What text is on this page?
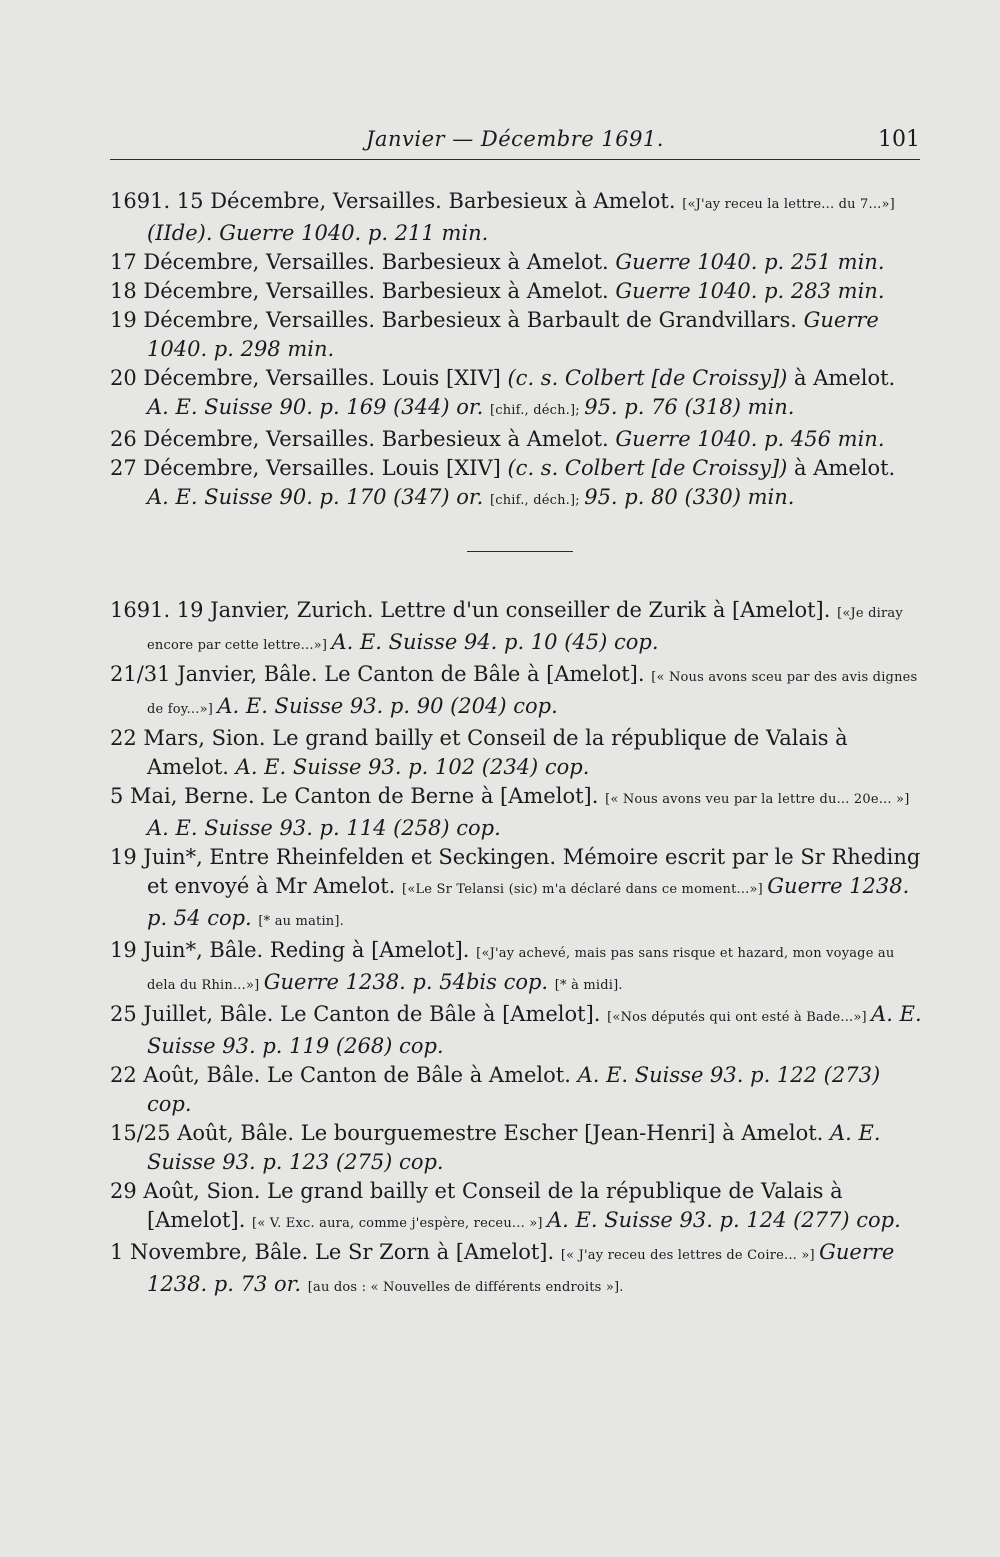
Janvier — Décembre 1691.	101
1691. 15 Décembre, Versailles. Barbesieux à Amelot. [«J'ay receu la lettre... du 7...»] (IIde). Guerre 1040. p. 211 min.
17 Décembre, Versailles. Barbesieux à Amelot. Guerre 1040. p. 251 min.
18 Décembre, Versailles. Barbesieux à Amelot. Guerre 1040. p. 283 min.
19 Décembre, Versailles. Barbesieux à Barbault de Grandvillars. Guerre 1040. p. 298 min.
20 Décembre, Versailles. Louis [XIV] (c. s. Colbert [de Croissy]) à Amelot. A. E. Suisse 90. p. 169 (344) or. [chif., déch.]; 95. p. 76 (318) min.
26 Décembre, Versailles. Barbesieux à Amelot. Guerre 1040. p. 456 min.
27 Décembre, Versailles. Louis [XIV] (c. s. Colbert [de Croissy]) à Amelot. A. E. Suisse 90. p. 170 (347) or. [chif., déch.]; 95. p. 80 (330) min.
1691. 19 Janvier, Zurich. Lettre d'un conseiller de Zurik à [Amelot]. [«Je diray encore par cette lettre...»] A. E. Suisse 94. p. 10 (45) cop.
21/31 Janvier, Bâle. Le Canton de Bâle à [Amelot]. [« Nous avons sceu par des avis dignes de foy...»] A. E. Suisse 93. p. 90 (204) cop.
22 Mars, Sion. Le grand bailly et Conseil de la république de Valais à Amelot. A. E. Suisse 93. p. 102 (234) cop.
5 Mai, Berne. Le Canton de Berne à [Amelot]. [« Nous avons veu par la lettre du... 20e... »] A. E. Suisse 93. p. 114 (258) cop.
19 Juin*, Entre Rheinfelden et Seckingen. Mémoire escrit par le Sr Rheding et envoyé à Mr Amelot. [«Le Sr Telansi (sic) m'a déclaré dans ce moment...»] Guerre 1238. p. 54 cop. [* au matin].
19 Juin*, Bâle. Reding à [Amelot]. [«J'ay achevé, mais pas sans risque et hazard, mon voyage au dela du Rhin...»] Guerre 1238. p. 54bis cop. [* à midi].
25 Juillet, Bâle. Le Canton de Bâle à [Amelot]. [«Nos députés qui ont esté à Bade...»] A. E. Suisse 93. p. 119 (268) cop.
22 Août, Bâle. Le Canton de Bâle à Amelot. A. E. Suisse 93. p. 122 (273) cop.
15/25 Août, Bâle. Le bourguemestre Escher [Jean-Henri] à Amelot. A. E. Suisse 93. p. 123 (275) cop.
29 Août, Sion. Le grand bailly et Conseil de la république de Valais à [Amelot]. [« V. Exc. aura, comme j'espère, receu... »] A. E. Suisse 93. p. 124 (277) cop.
1 Novembre, Bâle. Le Sr Zorn à [Amelot]. [« J'ay receu des lettres de Coire... »] Guerre 1238. p. 73 or. [au dos : « Nouvelles de différents endroits »].
